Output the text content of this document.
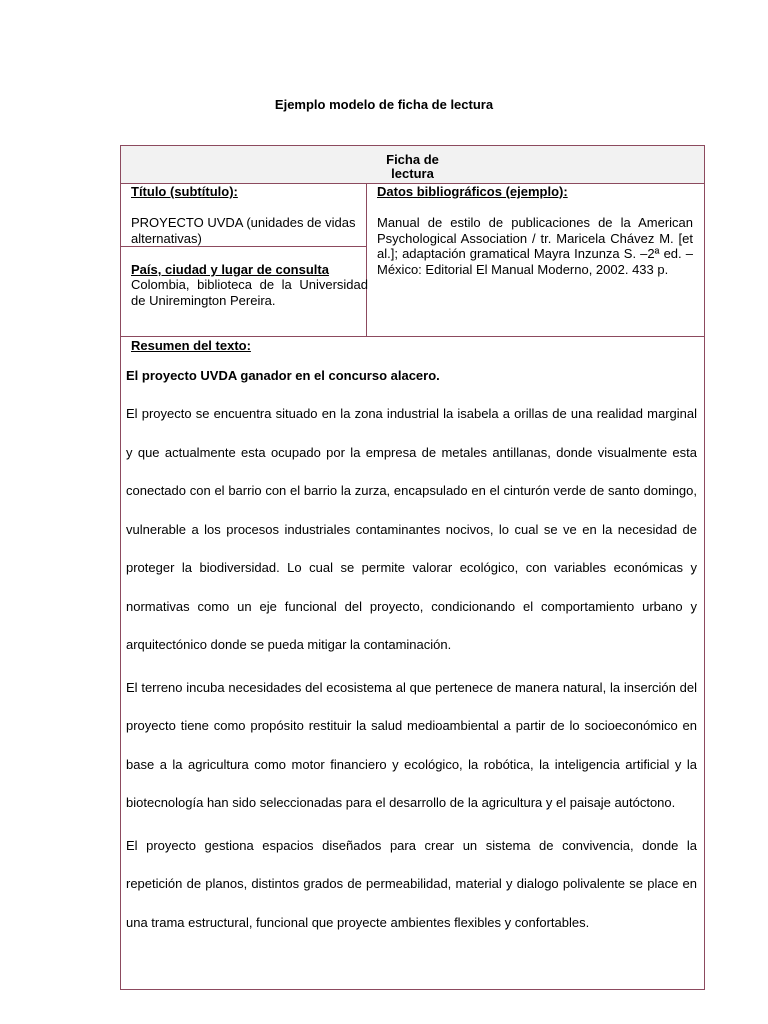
Ejemplo modelo de ficha de lectura
Ficha de
lectura
Título (subtítulo):
PROYECTO UVDA (unidades de vidas alternativas)
País, ciudad y lugar de consulta
Colombia, biblioteca de la Universidad de Uniremington Pereira.
Datos bibliográficos (ejemplo):
Manual de estilo de publicaciones de la American Psychological Association / tr. Maricela Chávez M. [et al.]; adaptación gramatical Mayra Inzunza S. –2ª ed. – México: Editorial El Manual Moderno, 2002. 433 p.
Resumen del texto:
El proyecto UVDA ganador en el concurso alacero.

El proyecto se encuentra situado en la zona industrial la isabela a orillas de una realidad marginal y que actualmente esta ocupado por la empresa de metales antillanas, donde visualmente esta conectado con el barrio con el barrio la zurza, encapsulado en el cinturón verde de santo domingo, vulnerable a los procesos industriales contaminantes nocivos, lo cual se ve en la necesidad de proteger la biodiversidad. Lo cual se permite valorar ecológico, con variables económicas y normativas como un eje funcional del proyecto, condicionando el comportamiento urbano y arquitectónico donde se pueda mitigar la contaminación.

El terreno incuba necesidades del ecosistema al que pertenece de manera natural, la inserción del proyecto tiene como propósito restituir la salud medioambiental a partir de lo socioeconómico en base a la agricultura como motor financiero y ecológico, la robótica, la inteligencia artificial y la biotecnología han sido seleccionadas para el desarrollo de la agricultura y el paisaje autóctono.

El proyecto gestiona espacios diseñados para crear un sistema de convivencia, donde la repetición de planos, distintos grados de permeabilidad, material y dialogo polivalente se place en una trama estructural, funcional que proyecte ambientes flexibles y confortables.
